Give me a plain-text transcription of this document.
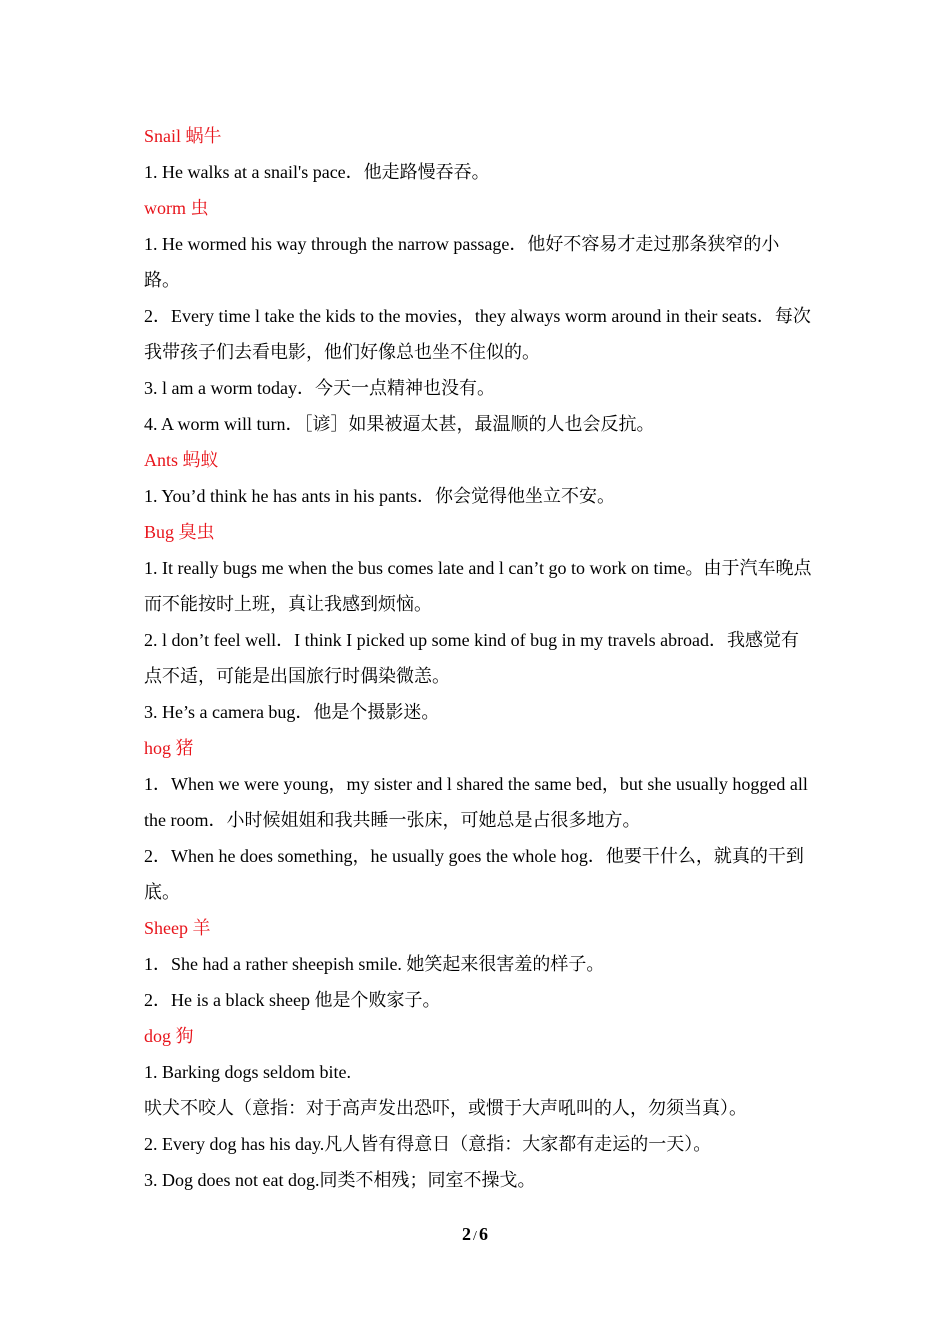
Snail 蜗牛
1. He walks at a snail's pace．他走路慢吞吞。
worm 虫
1. He wormed his way through the narrow passage．他好不容易才走过那条狭窄的小路。
2．Every time l take the kids to the movies，they always worm around in their seats．每次我带孩子们去看电影，他们好像总也坐不住似的。
3. l am a worm today．今天一点精神也没有。
4. A worm will turn．［谚］如果被逼太甚，最温顺的人也会反抗。
Ants 蚂蚁
1. You’d think he has ants in his pants．你会觉得他坐立不安。
Bug 臭虫
1. It really bugs me when the bus comes late and l can’t go to work on time。由于汽车晚点而不能按时上班，真让我感到烦恼。
2. l don’t feel well．I think I picked up some kind of bug in my travels abroad．我感觉有点不适，可能是出国旅行时偶染微恙。
3. He’s a camera bug．他是个摄影迷。
hog 猪
1．When we were young，my sister and l shared the same bed，but she usually hogged all the room．小时候姐姐和我共睡一张床，可她总是占很多地方。
2．When he does something，he usually goes the whole hog．他要干什么，就真的干到底。
Sheep 羊
1．She had a rather sheepish smile. 她笑起来很害羞的样子。
2．He is a black sheep 他是个败家子。
dog 狗
1. Barking dogs seldom bite.
吠犬不咬人（意指：对于高声发出恐吓，或惯于大声吼叫的人，勿须当真）。
2. Every dog has his day.凡人皆有得意日（意指：大家都有走运的一天）。
3. Dog does not eat dog.同类不相残；同室不操戈。
2 / 6
